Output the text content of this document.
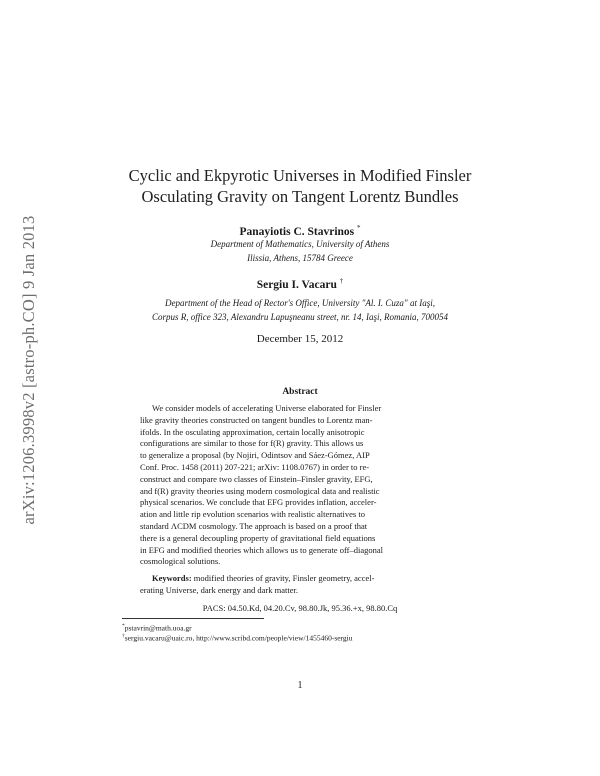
arXiv:1206.3998v2 [astro-ph.CO] 9 Jan 2013
Cyclic and Ekpyrotic Universes in Modified Finsler
Osculating Gravity on Tangent Lorentz Bundles
Panayiotis C. Stavrinos *
Department of Mathematics, University of Athens
Ilissia, Athens, 15784 Greece
Sergiu I. Vacaru †
Department of the Head of Rector's Office, University "Al. I. Cuza" at Iaşi,
Corpus R, office 323, Alexandru Lapuşneanu street, nr. 14, Iaşi, Romania, 700054
December 15, 2012
Abstract
We consider models of accelerating Universe elaborated for Finsler
like gravity theories constructed on tangent bundles to Lorentz man-
ifolds. In the osculating approximation, certain locally anisotropic
configurations are similar to those for f(R) gravity. This allows us
to generalize a proposal (by Nojiri, Odintsov and Sáez-Gómez, AIP
Conf. Proc. 1458 (2011) 207-221; arXiv: 1108.0767) in order to re-
construct and compare two classes of Einstein–Finsler gravity, EFG,
and f(R) gravity theories using modern cosmological data and realistic
physical scenarios. We conclude that EFG provides inflation, acceler-
ation and little rip evolution scenarios with realistic alternatives to
standard ΛCDM cosmology. The approach is based on a proof that
there is a general decoupling property of gravitational field equations
in EFG and modified theories which allows us to generate off–diagonal
cosmological solutions.
Keywords: modified theories of gravity, Finsler geometry, accel-
erating Universe, dark energy and dark matter.
PACS: 04.50.Kd, 04.20.Cv, 98.80.Jk, 95.36.+x, 98.80.Cq
*pstavrin@math.uoa.gr
†sergiu.vacaru@uaic.ro, http://www.scribd.com/people/view/1455460-sergiu
1
